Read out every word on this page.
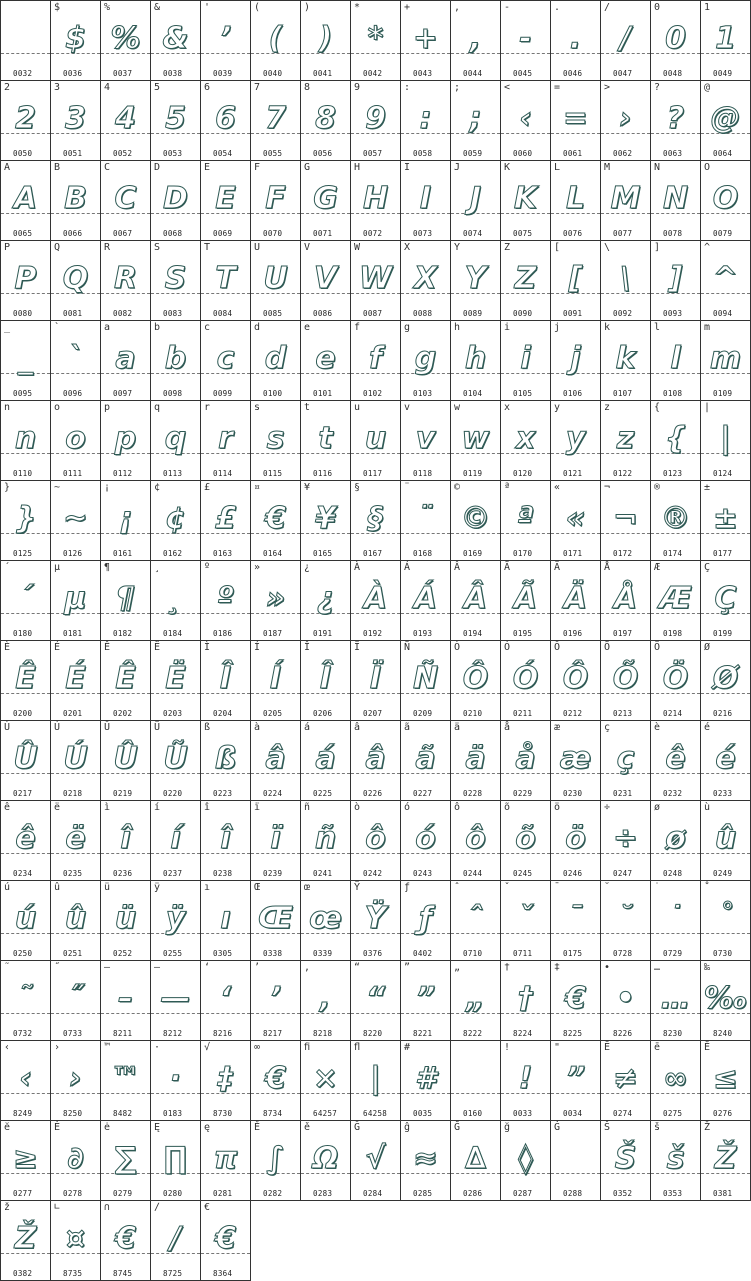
0032
$
$
0036
%
%
0037
&
&
0038
'
’
0039
(
(
0040
)
)
0041
*
*
0042
+
+
0043
,
,
0044
-
-
0045
.
.
0046
/
/
0047
0
0
0048
1
1
0049
2
2
0050
3
3
0051
4
4
0052
5
5
0053
6
6
0054
7
7
0055
8
8
0056
9
9
0057
:
:
0058
;
;
0059
<
‹
0060
=
=
0061
>
›
0062
?
?
0063
@
@
0064
A
A
0065
B
B
0066
C
C
0067
D
D
0068
E
E
0069
F
F
0070
G
G
0071
H
H
0072
I
I
0073
J
J
0074
K
K
0075
L
L
0076
M
M
0077
N
N
0078
O
O
0079
P
P
0080
Q
Q
0081
R
R
0082
S
S
0083
T
T
0084
U
U
0085
V
V
0086
W
W
0087
X
X
0088
Y
Y
0089
Z
Z
0090
[
[
0091
\
\
0092
]
]
0093
^
^
0094
_
_
0095
`
`
0096
a
a
0097
b
b
0098
c
c
0099
d
d
0100
e
e
0101
f
f
0102
g
g
0103
h
h
0104
i
i
0105
j
j
0106
k
k
0107
l
l
0108
m
m
0109
n
n
0110
o
o
0111
p
p
0112
q
q
0113
r
r
0114
s
s
0115
t
t
0116
u
u
0117
v
v
0118
w
w
0119
x
x
0120
y
y
0121
z
z
0122
{
{
0123
|
|
0124
}
}
0125
~
~
0126
¡
¡
0161
¢
¢
0162
£
£
0163
¤
€
0164
¥
¥
0165
§
§
0167
¨
¨
0168
©
©
0169
ª
ª
0170
«
«
0171
¬
¬
0172
®
®
0174
±
±
0177
´
´
0180
µ
µ
0181
¶
¶
0182
¸
¸
0184
º
º
0186
»
»
0187
¿
¿
0191
À
À
0192
Á
Á
0193
Â
Â
0194
Ã
Ã
0195
Ä
Ä
0196
Å
Å
0197
Æ
Æ
0198
Ç
Ç
0199
È
Ê
0200
É
É
0201
Ê
Ê
0202
Ë
Ë
0203
Ì
Î
0204
Í
Í
0205
Î
Î
0206
Ï
Ï
0207
Ñ
Ñ
0209
Ò
Ô
0210
Ó
Ó
0211
Ô
Ô
0212
Õ
Õ
0213
Ö
Ö
0214
Ø
Ø
0216
Ù
Û
0217
Ú
Ú
0218
Û
Û
0219
Ü
Ũ
0220
ß
ß
0223
à
â
0224
á
á
0225
â
â
0226
ã
ã
0227
ä
ä
0228
å
å
0229
æ
æ
0230
ç
ç
0231
è
ê
0232
é
é
0233
ê
ê
0234
ë
ë
0235
ì
î
0236
í
í
0237
î
î
0238
ï
ï
0239
ñ
ñ
0241
ò
ô
0242
ó
ó
0243
ô
ô
0244
õ
õ
0245
ö
ö
0246
÷
÷
0247
ø
ø
0248
ù
û
0249
ú
ú
0250
û
û
0251
ü
ü
0252
ÿ
ÿ
0255
ı
ı
0305
Œ
Œ
0338
œ
œ
0339
Ÿ
Ÿ
0376
ƒ
ƒ
0402
ˆ
ˆ
0710
ˇ
ˇ
0711
¯
¯
0175
˘
˘
0728
˙
˙
0729
˚
˚
0730
˜
˜
0732
˝
˝
0733
–
–
8211
—
—
8212
‘
‘
8216
’
’
8217
‚
‚
8218
“
“
8220
”
”
8221
„
„
8222
†
†
8224
‡
€
8225
•
•
8226
…
…
8230
‰
‰
8240
‹
‹
8249
›
›
8250
™
™
8482
·
·
0183
√
‡
8730
∞
€
8734
ﬁ
×
64257
ﬂ
|
64258
#
#
0035	0160
!
!
0033
"
”
0034
Ē
≠
0274
ē
∞
0275
Ĕ
≤
0276
ĕ
≥
0277
Ė
∂
0278
ė
∑
0279
Ę
∏
0280
ę
π
0281
Ě
∫
0282
ě
Ω
0283
Ĝ
√
0284
ĝ
≈
0285
Ğ
∆
0286
ğ
◊
0287
Ġ
0288
Š
Š
0352
š
š
0353
Ž
Ž
0381
ž
Ž
0382
∟
¤
8735
∩
€
8745
∕
/
8725
€
€
8364
